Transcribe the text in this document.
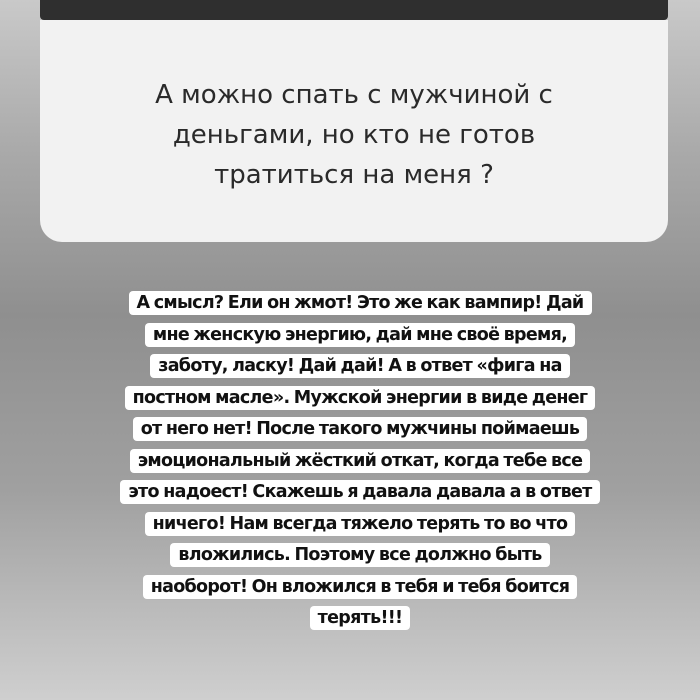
А можно спать с мужчиной с
деньгами, но кто не готов
тратиться на меня ?
А смысл? Ели он жмот! Это же как вампир! Дай
мне женскую энергию, дай мне своё время,
заботу, ласку! Дай дай! А в ответ «фига на
постном масле». Мужской энергии в виде денег
от него нет! После такого мужчины поймаешь
эмоциональный жёсткий откат, когда тебе все
это надоест! Скажешь я давала давала а в ответ
ничего! Нам всегда тяжело терять то во что
вложились. Поэтому все должно быть
наоборот! Он вложился в тебя и тебя боится
терять!!!
